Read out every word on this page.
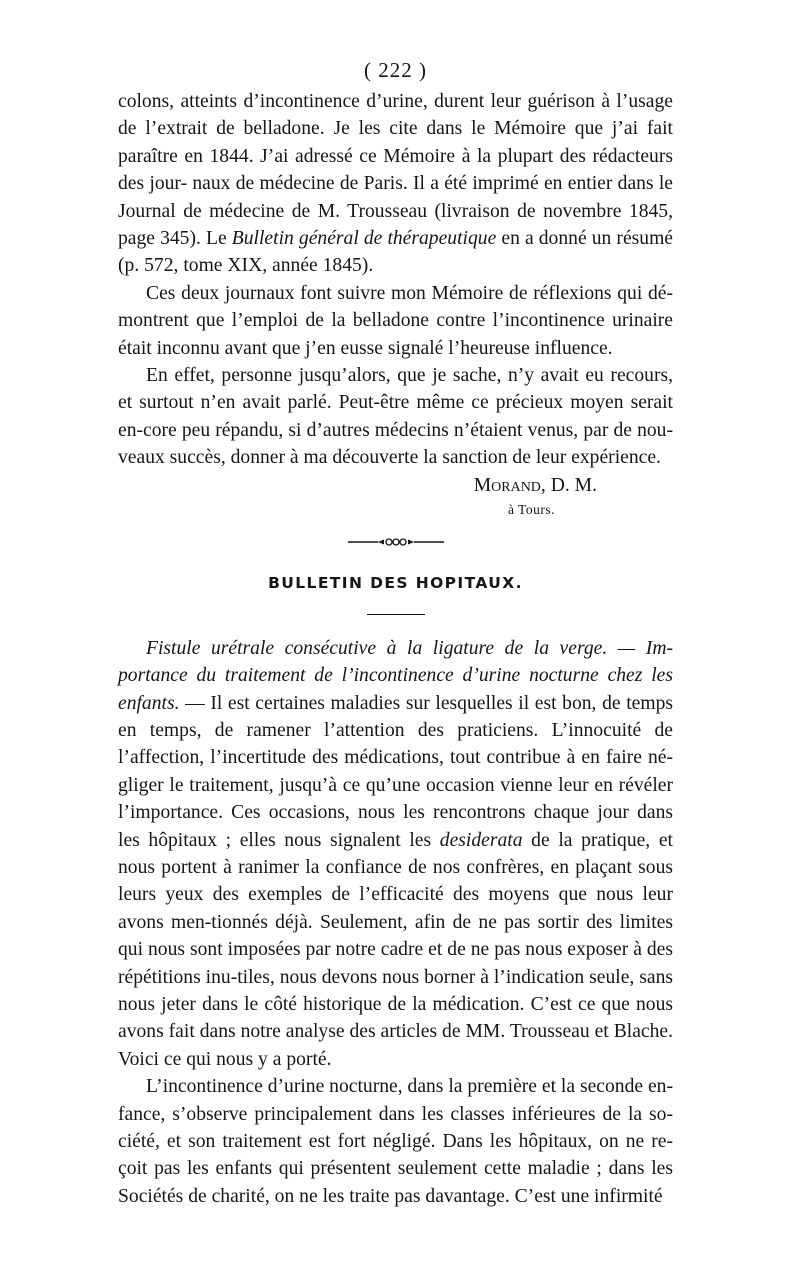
( 222 )

colons, atteints d’incontinence d’urine, durent leur guérison à l’usage de l’extrait de belladone. Je les cite dans le Mémoire que j’ai fait paraître en 1844. J’ai adressé ce Mémoire à la plupart des rédacteurs des jour- naux de médecine de Paris. Il a été imprimé en entier dans le Journal de médecine de M. Trousseau (livraison de novembre 1845, page 345). Le Bulletin général de thérapeutique en a donné un résumé (p. 572, tome XIX, année 1845).

Ces deux journaux font suivre mon Mémoire de réflexions qui dé-montrent que l’emploi de la belladone contre l’incontinence urinaire était inconnu avant que j’en eusse signalé l’heureuse influence.

En effet, personne jusqu’alors, que je sache, n’y avait eu recours, et surtout n’en avait parlé. Peut-être même ce précieux moyen serait en-core peu répandu, si d’autres médecins n’étaient venus, par de nou-veaux succès, donner à ma découverte la sanction de leur expérience.

Morand, D. M.
à Tours.
BULLETIN DES HOPITAUX.

Fistule urétrale consécutive à la ligature de la verge. — Im-portance du traitement de l’incontinence d’urine nocturne chez les enfants. — Il est certaines maladies sur lesquelles il est bon, de temps en temps, de ramener l’attention des praticiens. L’innocuité de l’affection, l’incertitude des médications, tout contribue à en faire né-gliger le traitement, jusqu’à ce qu’une occasion vienne leur en révéler l’importance. Ces occasions, nous les rencontrons chaque jour dans les hôpitaux ; elles nous signalent les desiderata de la pratique, et nous portent à ranimer la confiance de nos confrères, en plaçant sous leurs yeux des exemples de l’efficacité des moyens que nous leur avons men-tionnés déjà. Seulement, afin de ne pas sortir des limites qui nous sont imposées par notre cadre et de ne pas nous exposer à des répétitions inu-tiles, nous devons nous borner à l’indication seule, sans nous jeter dans le côté historique de la médication. C’est ce que nous avons fait dans notre analyse des articles de MM. Trousseau et Blache. Voici ce qui nous y a porté.

L’incontinence d’urine nocturne, dans la première et la seconde en-fance, s’observe principalement dans les classes inférieures de la so-ciété, et son traitement est fort négligé. Dans les hôpitaux, on ne re-çoit pas les enfants qui présentent seulement cette maladie ; dans les Sociétés de charité, on ne les traite pas davantage. C’est une infirmité
